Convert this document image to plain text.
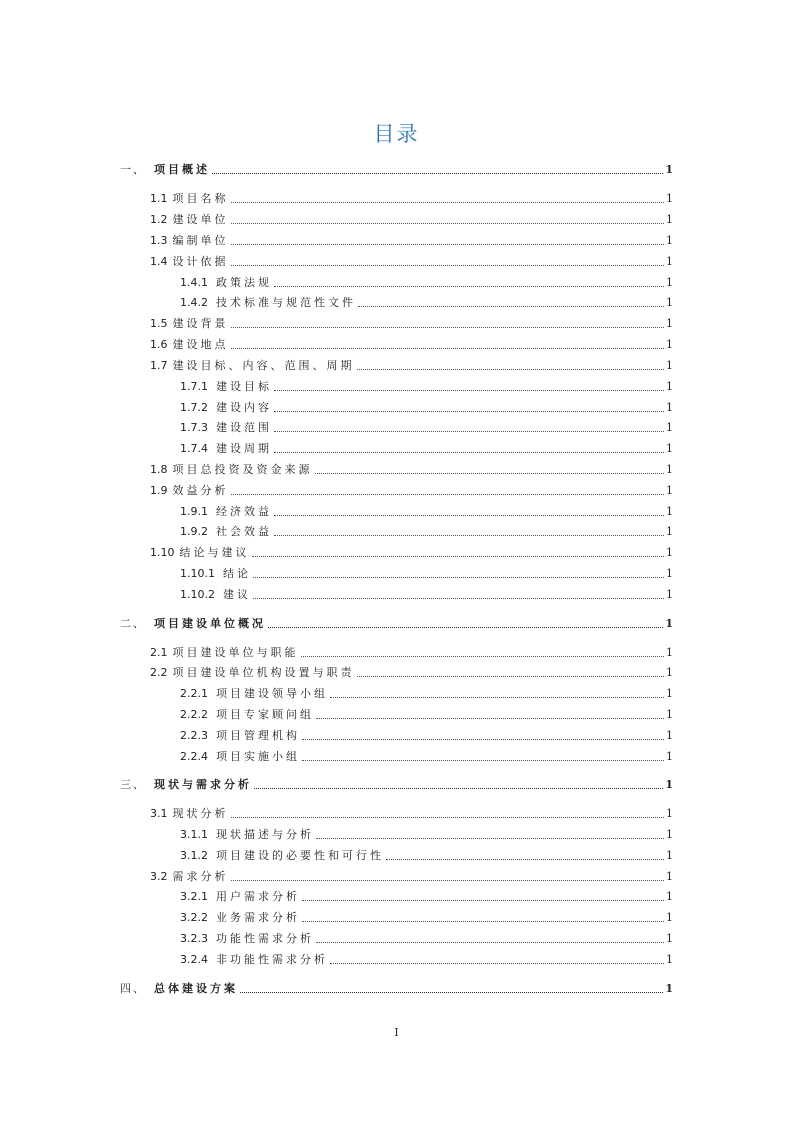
目录
一、 项目概述	1
1.1 项目名称	1
1.2 建设单位	1
1.3 编制单位	1
1.4 设计依据	1
1.4.1 政策法规	1
1.4.2 技术标准与规范性文件	1
1.5 建设背景	1
1.6 建设地点	1
1.7 建设目标、内容、范围、周期	1
1.7.1 建设目标	1
1.7.2 建设内容	1
1.7.3 建设范围	1
1.7.4 建设周期	1
1.8 项目总投资及资金来源	1
1.9 效益分析	1
1.9.1 经济效益	1
1.9.2 社会效益	1
1.10 结论与建议	1
1.10.1 结论	1
1.10.2 建议	1
二、 项目建设单位概况	1
2.1 项目建设单位与职能	1
2.2 项目建设单位机构设置与职责	1
2.2.1 项目建设领导小组	1
2.2.2 项目专家顾问组	1
2.2.3 项目管理机构	1
2.2.4 项目实施小组	1
三、 现状与需求分析	1
3.1 现状分析	1
3.1.1 现状描述与分析	1
3.1.2 项目建设的必要性和可行性	1
3.2 需求分析	1
3.2.1 用户需求分析	1
3.2.2 业务需求分析	1
3.2.3 功能性需求分析	1
3.2.4 非功能性需求分析	1
四、 总体建设方案	1
I
